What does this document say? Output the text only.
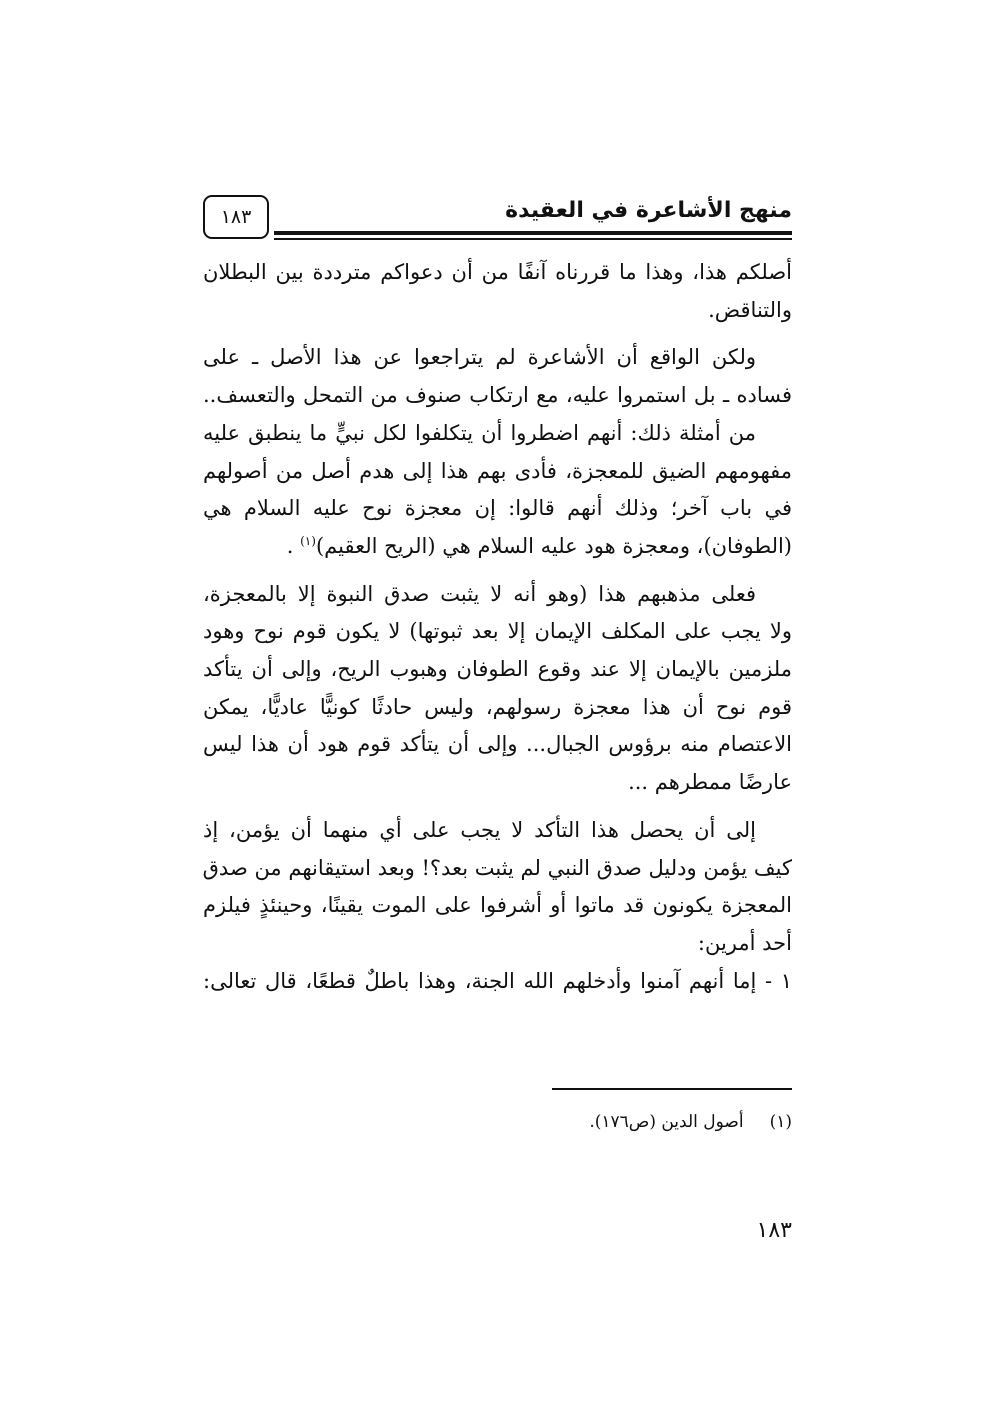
منهج الأشاعرة في العقيدة
١٨٣
أصلكم هذا، وهذا ما قررناه آنفًا من أن دعواكم مترددة بين البطلان
والتناقض.
ولكن الواقع أن الأشاعرة لم يتراجعوا عن هذا الأصل ـ على
فساده ـ بل استمروا عليه، مع ارتكاب صنوف من التمحل والتعسف..
من أمثلة ذلك: أنهم اضطروا أن يتكلفوا لكل نبيٍّ ما ينطبق عليه
مفهومهم الضيق للمعجزة، فأدى بهم هذا إلى هدم أصل من أصولهم
في باب آخر؛ وذلك أنهم قالوا: إن معجزة نوح عليه السلام هي
(الطوفان)، ومعجزة هود عليه السلام هي (الريح العقيم)$^{(١)}$ .
فعلى مذهبهم هذا (وهو أنه لا يثبت صدق النبوة إلا بالمعجزة،
ولا يجب على المكلف الإيمان إلا بعد ثبوتها) لا يكون قوم نوح وهود
ملزمين بالإيمان إلا عند وقوع الطوفان وهبوب الريح، وإلى أن يتأكد
قوم نوح أن هذا معجزة رسولهم، وليس حادثًا كونيًّا عاديًّا، يمكن
الاعتصام منه برؤوس الجبال... وإلى أن يتأكد قوم هود أن هذا ليس
عارضًا ممطرهم ...
إلى أن يحصل هذا التأكد لا يجب على أي منهما أن يؤمن، إذ
كيف يؤمن ودليل صدق النبي لم يثبت بعد؟! وبعد استيقانهم من صدق
المعجزة يكونون قد ماتوا أو أشرفوا على الموت يقينًا، وحينئذٍ فيلزم
أحد أمرين:
١ - إما أنهم آمنوا وأدخلهم الله الجنة، وهذا باطلٌ قطعًا، قال تعالى:
(١)أصول الدين (ص١٧٦).
١٨٣
